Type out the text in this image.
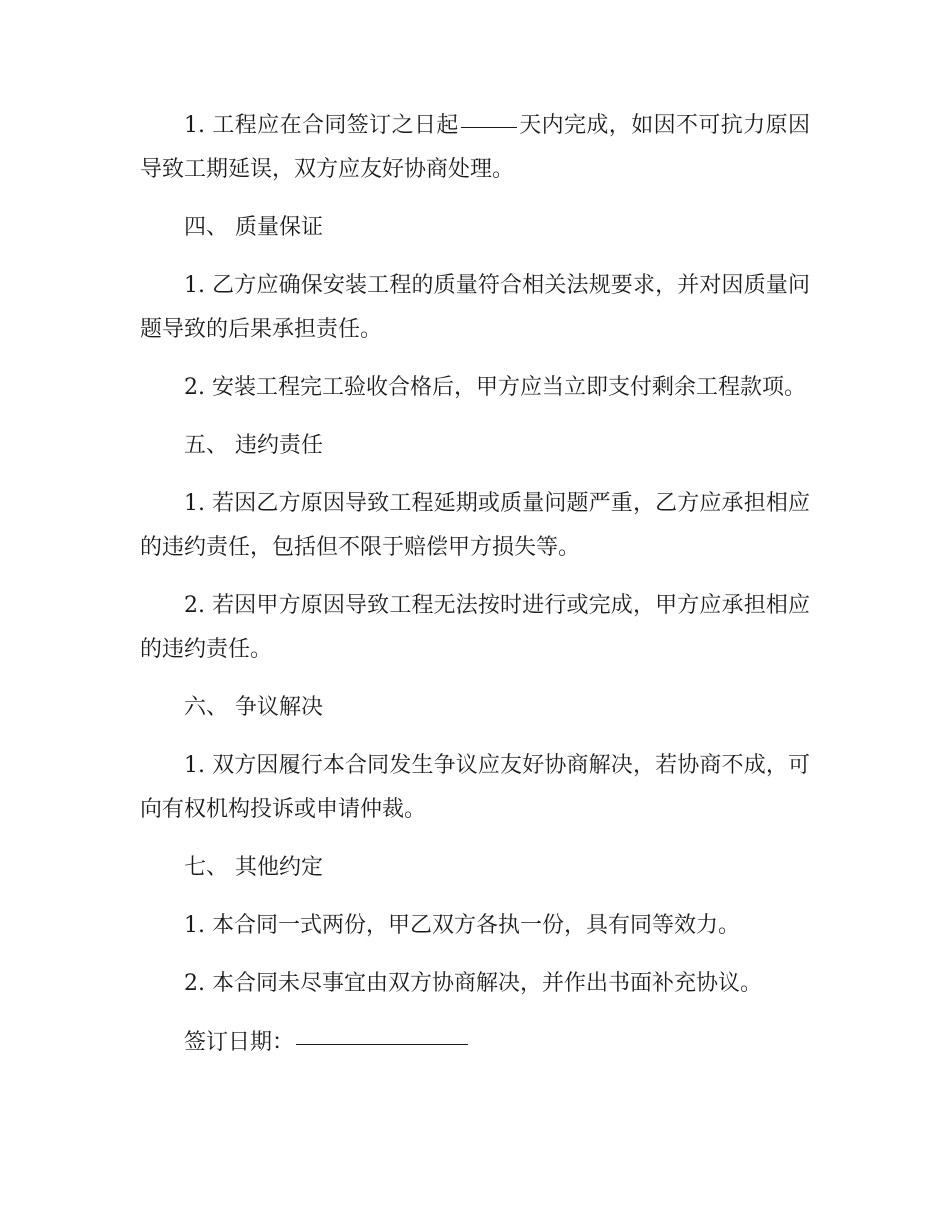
1. 工程应在合同签订之日起	天内完成，如因不可抗力原因导致工期延误，双方应友好协商处理。

四、 质量保证

1. 乙方应确保安装工程的质量符合相关法规要求，并对因质量问题导致的后果承担责任。

2. 安装工程完工验收合格后，甲方应当立即支付剩余工程款项。

五、 违约责任

1. 若因乙方原因导致工程延期或质量问题严重，乙方应承担相应的违约责任，包括但不限于赔偿甲方损失等。

2. 若因甲方原因导致工程无法按时进行或完成，甲方应承担相应的违约责任。

六、 争议解决

1. 双方因履行本合同发生争议应友好协商解决，若协商不成，可向有权机构投诉或申请仲裁。

七、 其他约定

1. 本合同一式两份，甲乙双方各执一份，具有同等效力。

2. 本合同未尽事宜由双方协商解决，并作出书面补充协议。

签订日期：
